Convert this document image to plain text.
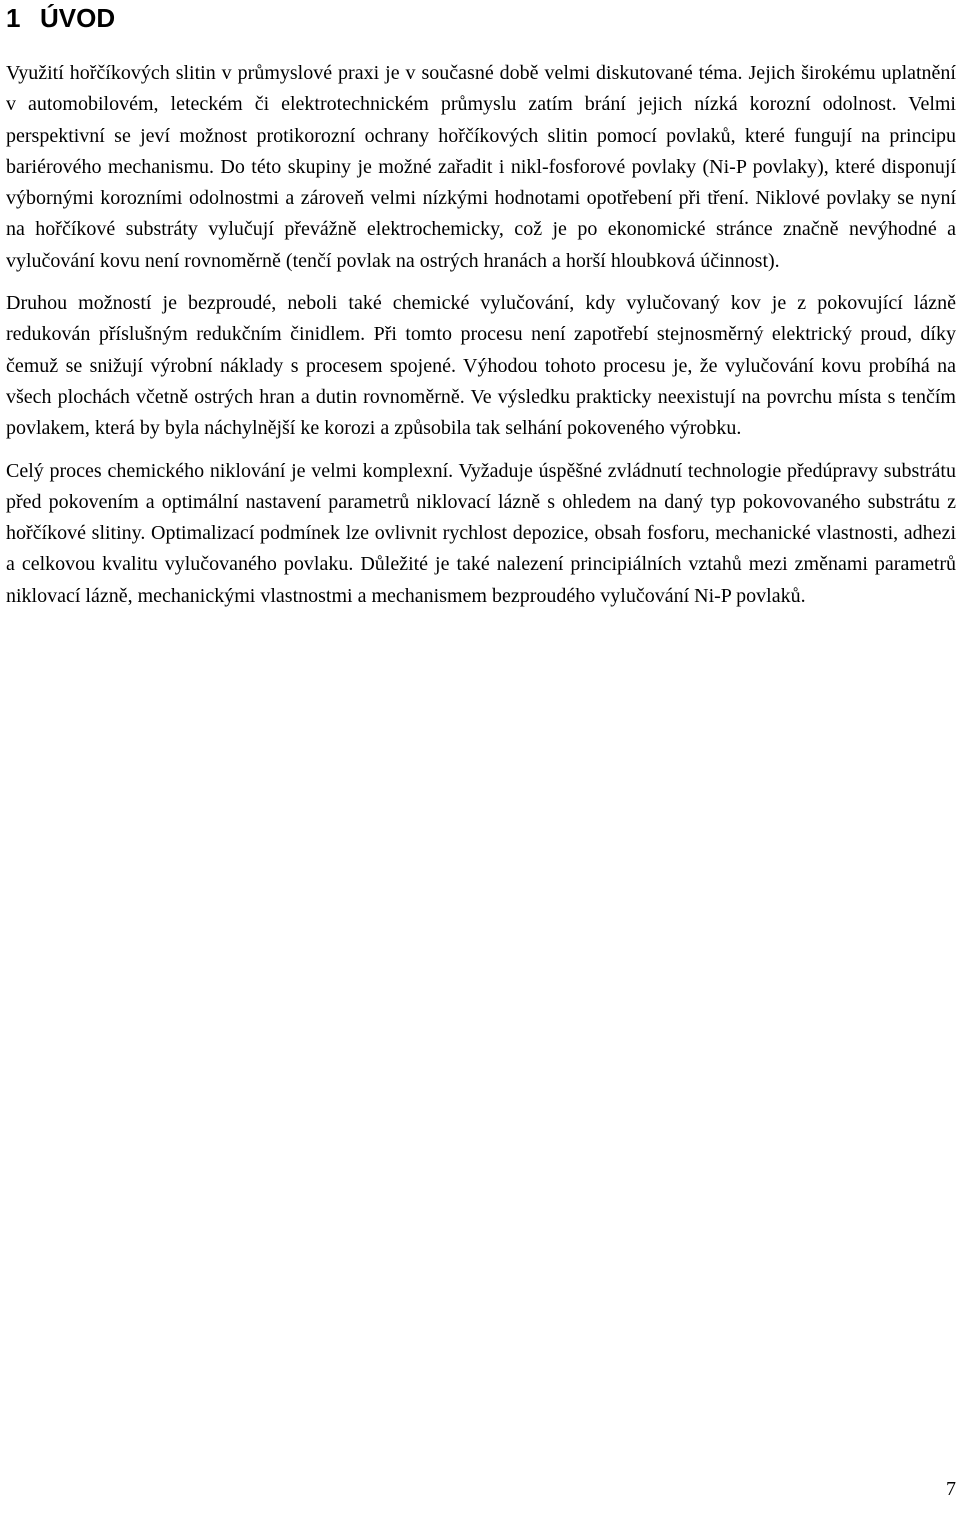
1 ÚVOD

Využití hořčíkových slitin v průmyslové praxi je v současné době velmi diskutované téma. Jejich širokému uplatnění v automobilovém, leteckém či elektrotechnickém průmyslu zatím brání jejich nízká korozní odolnost. Velmi perspektivní se jeví možnost protikorozní ochrany hořčíkových slitin pomocí povlaků, které fungují na principu bariérového mechanismu. Do této skupiny je možné zařadit i nikl-fosforové povlaky (Ni-P povlaky), které disponují výbornými korozními odolnostmi a zároveň velmi nízkými hodnotami opotřebení při tření. Niklové povlaky se nyní na hořčíkové substráty vylučují převážně elektrochemicky, což je po ekonomické stránce značně nevýhodné a vylučování kovu není rovnoměrně (tenčí povlak na ostrých hranách a horší hloubková účinnost).

Druhou možností je bezproudé, neboli také chemické vylučování, kdy vylučovaný kov je z pokovující lázně redukován příslušným redukčním činidlem. Při tomto procesu není zapotřebí stejnosměrný elektrický proud, díky čemuž se snižují výrobní náklady s procesem spojené. Výhodou tohoto procesu je, že vylučování kovu probíhá na všech plochách včetně ostrých hran a dutin rovnoměrně. Ve výsledku prakticky neexistují na povrchu místa s tenčím povlakem, která by byla náchylnější ke korozi a způsobila tak selhání pokoveného výrobku.

Celý proces chemického niklování je velmi komplexní. Vyžaduje úspěšné zvládnutí technologie předúpravy substrátu před pokovením a optimální nastavení parametrů niklovací lázně s ohledem na daný typ pokovovaného substrátu z hořčíkové slitiny. Optimalizací podmínek lze ovlivnit rychlost depozice, obsah fosforu, mechanické vlastnosti, adhezi a celkovou kvalitu vylučovaného povlaku. Důležité je také nalezení principiálních vztahů mezi změnami parametrů niklovací lázně, mechanickými vlastnostmi a mechanismem bezproudého vylučování Ni-P povlaků.

7
